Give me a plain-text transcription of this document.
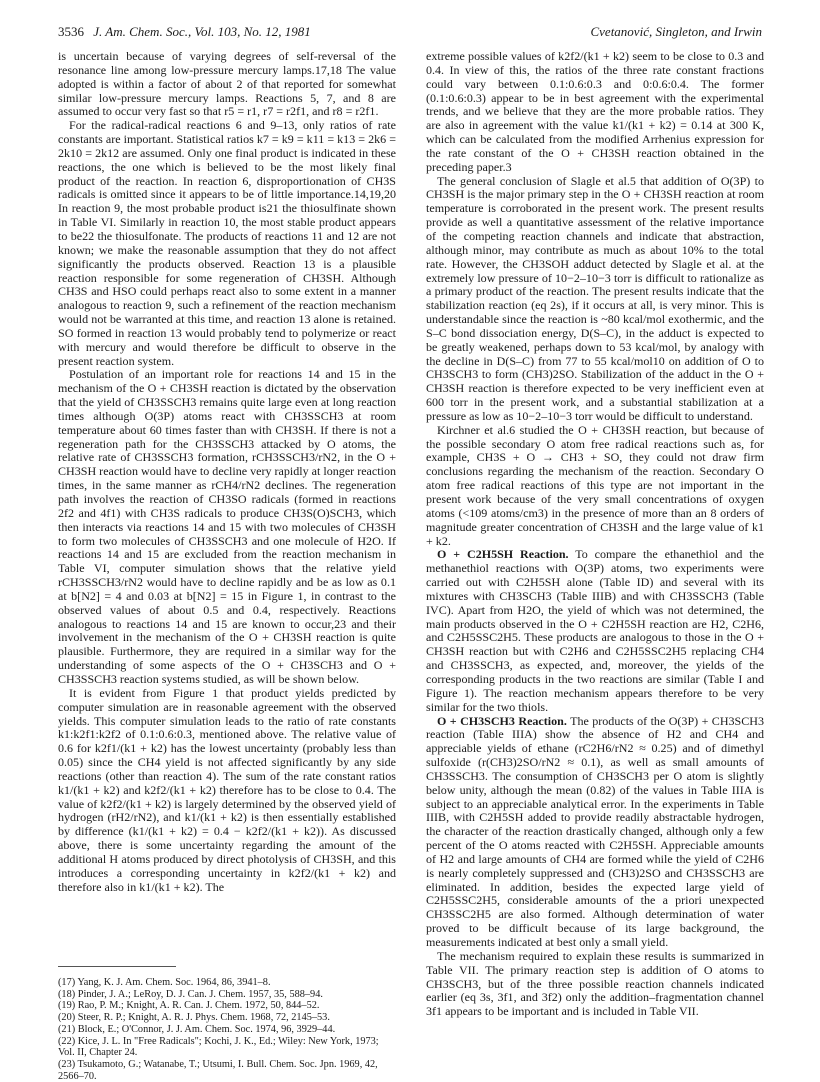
3536 J. Am. Chem. Soc., Vol. 103, No. 12, 1981	Cvetanović, Singleton, and Irwin

is uncertain because of varying degrees of self-reversal of the resonance line among low-pressure mercury lamps.17,18 The value adopted is within a factor of about 2 of that reported for somewhat similar low-pressure mercury lamps. Reactions 5, 7, and 8 are assumed to occur very fast so that r5 = r1, r7 = r2f1, and r8 = r2f1.

For the radical-radical reactions 6 and 9–13, only ratios of rate constants are important. Statistical ratios k7 = k9 = k11 = k13 = 2k6 = 2k10 = 2k12 are assumed. Only one final product is indicated in these reactions, the one which is believed to be the most likely final product of the reaction. In reaction 6, disproportionation of CH3S radicals is omitted since it appears to be of little importance.14,19,20 In reaction 9, the most probable product is21 the thiosulfinate shown in Table VI. Similarly in reaction 10, the most stable product appears to be22 the thiosulfonate. The products of reactions 11 and 12 are not known; we make the reasonable assumption that they do not affect significantly the products observed. Reaction 13 is a plausible reaction responsible for some regeneration of CH3SH. Although CH3S and HSO could perhaps react also to some extent in a manner analogous to reaction 9, such a refinement of the reaction mechanism would not be warranted at this time, and reaction 13 alone is retained. SO formed in reaction 13 would probably tend to polymerize or react with mercury and would therefore be difficult to observe in the present reaction system.

Postulation of an important role for reactions 14 and 15 in the mechanism of the O + CH3SH reaction is dictated by the observation that the yield of CH3SSCH3 remains quite large even at long reaction times although O(3P) atoms react with CH3SSCH3 at room temperature about 60 times faster than with CH3SH. If there is not a regeneration path for the CH3SSCH3 attacked by O atoms, the relative rate of CH3SSCH3 formation, rCH3SSCH3/rN2, in the O + CH3SH reaction would have to decline very rapidly at longer reaction times, in the same manner as rCH4/rN2 declines. The regeneration path involves the reaction of CH3SO radicals (formed in reactions 2f2 and 4f1) with CH3S radicals to produce CH3S(O)SCH3, which then interacts via reactions 14 and 15 with two molecules of CH3SH to form two molecules of CH3SSCH3 and one molecule of H2O. If reactions 14 and 15 are excluded from the reaction mechanism in Table VI, computer simulation shows that the relative yield rCH3SSCH3/rN2 would have to decline rapidly and be as low as 0.1 at b[N2] = 4 and 0.03 at b[N2] = 15 in Figure 1, in contrast to the observed values of about 0.5 and 0.4, respectively. Reactions analogous to reactions 14 and 15 are known to occur,23 and their involvement in the mechanism of the O + CH3SH reaction is quite plausible. Furthermore, they are required in a similar way for the understanding of some aspects of the O + CH3SCH3 and O + CH3SSCH3 reaction systems studied, as will be shown below.

It is evident from Figure 1 that product yields predicted by computer simulation are in reasonable agreement with the observed yields. This computer simulation leads to the ratio of rate constants k1:k2f1:k2f2 of 0.1:0.6:0.3, mentioned above. The relative value of 0.6 for k2f1/(k1 + k2) has the lowest uncertainty (probably less than 0.05) since the CH4 yield is not affected significantly by any side reactions (other than reaction 4). The sum of the rate constant ratios k1/(k1 + k2) and k2f2/(k1 + k2) therefore has to be close to 0.4. The value of k2f2/(k1 + k2) is largely determined by the observed yield of hydrogen (rH2/rN2), and k1/(k1 + k2) is then essentially established by difference (k1/(k1 + k2) = 0.4 − k2f2/(k1 + k2)). As discussed above, there is some uncertainty regarding the amount of the additional H atoms produced by direct photolysis of CH3SH, and this introduces a corresponding uncertainty in k2f2/(k1 + k2) and therefore also in k1/(k1 + k2). The

(17) Yang, K. J. Am. Chem. Soc. 1964, 86, 3941–8.
(18) Pinder, J. A.; LeRoy, D. J. Can. J. Chem. 1957, 35, 588–94.
(19) Rao, P. M.; Knight, A. R. Can. J. Chem. 1972, 50, 844–52.
(20) Steer, R. P.; Knight, A. R. J. Phys. Chem. 1968, 72, 2145–53.
(21) Block, E.; O'Connor, J. J. Am. Chem. Soc. 1974, 96, 3929–44.
(22) Kice, J. L. In "Free Radicals"; Kochi, J. K., Ed.; Wiley: New York, 1973; Vol. II, Chapter 24.
(23) Tsukamoto, G.; Watanabe, T.; Utsumi, I. Bull. Chem. Soc. Jpn. 1969, 42, 2566–70.

extreme possible values of k2f2/(k1 + k2) seem to be close to 0.3 and 0.4. In view of this, the ratios of the three rate constant fractions could vary between 0.1:0.6:0.3 and 0:0.6:0.4. The former (0.1:0.6:0.3) appear to be in best agreement with the experimental trends, and we believe that they are the more probable ratios. They are also in agreement with the value k1/(k1 + k2) = 0.14 at 300 K, which can be calculated from the modified Arrhenius expression for the rate constant of the O + CH3SH reaction obtained in the preceding paper.3

The general conclusion of Slagle et al.5 that addition of O(3P) to CH3SH is the major primary step in the O + CH3SH reaction at room temperature is corroborated in the present work. The present results provide as well a quantitative assessment of the relative importance of the competing reaction channels and indicate that abstraction, although minor, may contribute as much as about 10% to the total rate. However, the CH3SOH adduct detected by Slagle et al. at the extremely low pressure of 10−2–10−3 torr is difficult to rationalize as a primary product of the reaction. The present results indicate that the stabilization reaction (eq 2s), if it occurs at all, is very minor. This is understandable since the reaction is ~80 kcal/mol exothermic, and the S–C bond dissociation energy, D(S–C), in the adduct is expected to be greatly weakened, perhaps down to 53 kcal/mol, by analogy with the decline in D(S–C) from 77 to 55 kcal/mol10 on addition of O to CH3SCH3 to form (CH3)2SO. Stabilization of the adduct in the O + CH3SH reaction is therefore expected to be very inefficient even at 600 torr in the present work, and a substantial stabilization at a pressure as low as 10−2–10−3 torr would be difficult to understand.

Kirchner et al.6 studied the O + CH3SH reaction, but because of the possible secondary O atom free radical reactions such as, for example, CH3S + O → CH3 + SO, they could not draw firm conclusions regarding the mechanism of the reaction. Secondary O atom free radical reactions of this type are not important in the present work because of the very small concentrations of oxygen atoms (<109 atoms/cm3) in the presence of more than an 8 orders of magnitude greater concentration of CH3SH and the large value of k1 + k2.

O + C2H5SH Reaction. To compare the ethanethiol and the methanethiol reactions with O(3P) atoms, two experiments were carried out with C2H5SH alone (Table ID) and several with its mixtures with CH3SCH3 (Table IIIB) and with CH3SSCH3 (Table IVC). Apart from H2O, the yield of which was not determined, the main products observed in the O + C2H5SH reaction are H2, C2H6, and C2H5SSC2H5. These products are analogous to those in the O + CH3SH reaction but with C2H6 and C2H5SSC2H5 replacing CH4 and CH3SSCH3, as expected, and, moreover, the yields of the corresponding products in the two reactions are similar (Table I and Figure 1). The reaction mechanism appears therefore to be very similar for the two thiols.

O + CH3SCH3 Reaction. The products of the O(3P) + CH3SCH3 reaction (Table IIIA) show the absence of H2 and CH4 and appreciable yields of ethane (rC2H6/rN2 ≈ 0.25) and of dimethyl sulfoxide (r(CH3)2SO/rN2 ≈ 0.1), as well as small amounts of CH3SSCH3. The consumption of CH3SCH3 per O atom is slightly below unity, although the mean (0.82) of the values in Table IIIA is subject to an appreciable analytical error. In the experiments in Table IIIB, with C2H5SH added to provide readily abstractable hydrogen, the character of the reaction drastically changed, although only a few percent of the O atoms reacted with C2H5SH. Appreciable amounts of H2 and large amounts of CH4 are formed while the yield of C2H6 is nearly completely suppressed and (CH3)2SO and CH3SSCH3 are eliminated. In addition, besides the expected large yield of C2H5SSC2H5, considerable amounts of the a priori unexpected CH3SSC2H5 are also formed. Although determination of water proved to be difficult because of its large background, the measurements indicated at best only a small yield.

The mechanism required to explain these results is summarized in Table VII. The primary reaction step is addition of O atoms to CH3SCH3, but of the three possible reaction channels indicated earlier (eq 3s, 3f1, and 3f2) only the addition–fragmentation channel 3f1 appears to be important and is included in Table VII.
